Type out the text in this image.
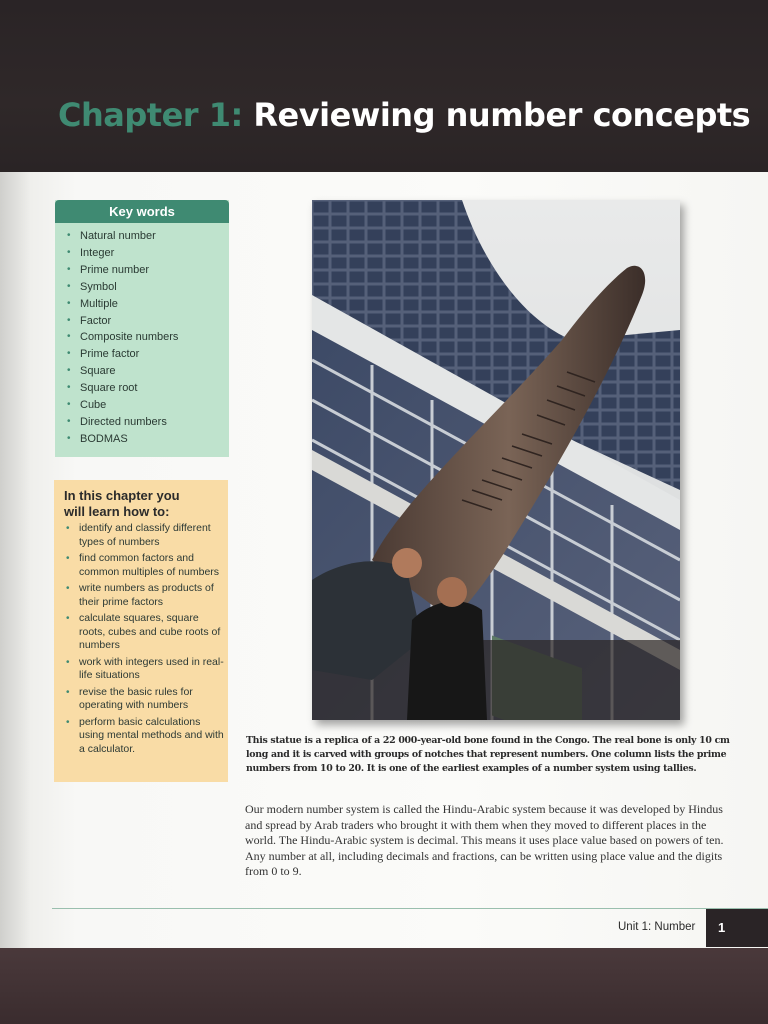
Chapter 1: Reviewing number concepts
Key words
• Natural number
• Integer
• Prime number
• Symbol
• Multiple
• Factor
• Composite numbers
• Prime factor
• Square
• Square root
• Cube
• Directed numbers
• BODMAS
In this chapter you
will learn how to:
• identify and classify different types of numbers
• find common factors and common multiples of numbers
• write numbers as products of their prime factors
• calculate squares, square roots, cubes and cube roots of numbers
• work with integers used in real-life situations
• revise the basic rules for operating with numbers
• perform basic calculations using mental methods and with a calculator.
This statue is a replica of a 22 000-year-old bone found in the Congo. The real bone is only 10 cm long and it is carved with groups of notches that represent numbers. One column lists the prime numbers from 10 to 20. It is one of the earliest examples of a number system using tallies.
Our modern number system is called the Hindu-Arabic system because it was developed by Hindus and spread by Arab traders who brought it with them when they moved to different places in the world. The Hindu-Arabic system is decimal. This means it uses place value based on powers of ten. Any number at all, including decimals and fractions, can be written using place value and the digits from 0 to 9.
Unit 1: Number 1
